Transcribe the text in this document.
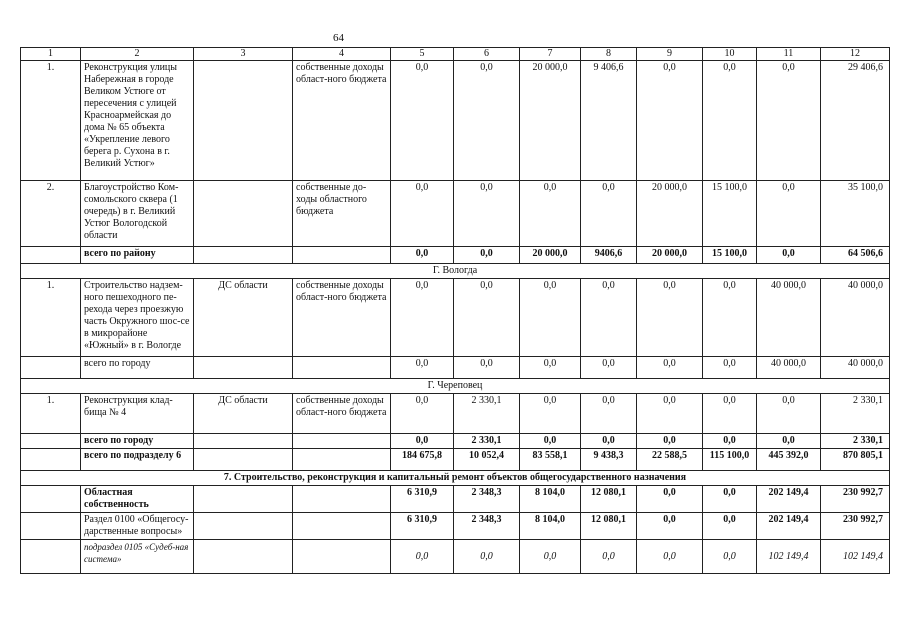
64
1	2	3	4	5	6	7	8	9	10	11	12
1.	Реконструкция улицы Набережная в городе Великом Устюге от пересечения с улицей Красноармейская до дома № 65 объекта «Укрепление левого берега р. Сухона в г. Великий Устюг»		собственные доходы област-ного бюджета	0,0	0,0	20 000,0	9 406,6	0,0	0,0	0,0	29 406,6
2.	Благоустройство Ком-сомольского сквера (1 очередь) в г. Великий Устюг Вологодской области		собственные до-ходы областного бюджета	0,0	0,0	0,0	0,0	20 000,0	15 100,0	0,0	35 100,0
	всего по району			0,0	0,0	20 000,0	9406,6	20 000,0	15 100,0	0,0	64 506,6
Г. Вологда											
1.	Строительство надзем-ного пешеходного пе-рехода через проезжую часть Окружного шос-се в микрорайоне «Южный» в г. Вологде	ДС области	собственные доходы област-ного бюджета	0,0	0,0	0,0	0,0	0,0	0,0	40 000,0	40 000,0
	всего по городу			0,0	0,0	0,0	0,0	0,0	0,0	40 000,0	40 000,0
Г. Череповец											
1.	Реконструкция клад-бища № 4	ДС области	собственные доходы област-ного бюджета	0,0	2 330,1	0,0	0,0	0,0	0,0	0,0	2 330,1
	всего по городу			0,0	2 330,1	0,0	0,0	0,0	0,0	0,0	2 330,1
	всего по подразделу 6			184 675,8	10 052,4	83 558,1	9 438,3	22 588,5	115 100,0	445 392,0	870 805,1
7. Строительство, реконструкция и капитальный ремонт объектов общегосударственного назначения											
	Областная собственность			6 310,9	2 348,3	8 104,0	12 080,1	0,0	0,0	202 149,4	230 992,7
	Раздел 0100 «Общегосу-дарственные вопросы»			6 310,9	2 348,3	8 104,0	12 080,1	0,0	0,0	202 149,4	230 992,7
	подраздел 0105 «Судеб-ная система»			0,0	0,0	0,0	0,0	0,0	0,0	102 149,4	102 149,4
